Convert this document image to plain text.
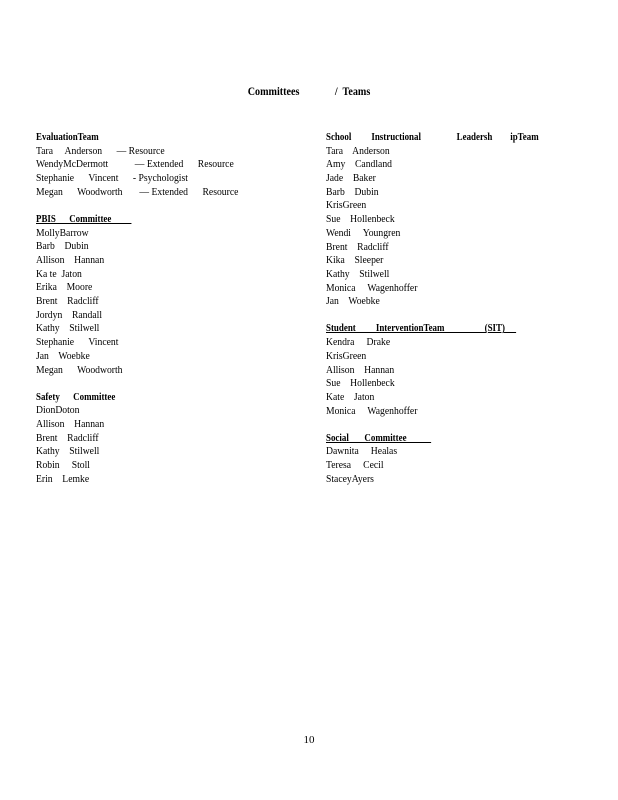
Committees              /  Teams
EvaluationTeam
Tara     Anderson      — Resource
WendyMcDermott           — Extended      Resource
Stephanie      Vincent      - Psychologist
Megan      Woodworth       — Extended      Resource
PBIS      Committee
MollyBarrow
Barb    Dubin
Allison    Hannan
Ka te  Jaton
Erika    Moore
Brent    Radcliff
Jordyn    Randall
Kathy    Stilwell
Stephanie      Vincent
Jan    Woebke
Megan      Woodworth
Safety      Committee
DionDoton
Allison    Hannan
Brent    Radcliff
Kathy    Stilwell
Robin     Stoll
Erin    Lemke
School         Instructional                Leadersh        ipTeam
Tara    Anderson
Amy    Candland
Jade    Baker
Barb    Dubin
KrisGreen
Sue    Hollenbeck
Wendi     Youngren
Brent    Radcliff
Kika    Sleeper
Kathy    Stilwell
Monica     Wagenhoffer
Jan    Woebke
Student         InterventionTeam                  (SIT)
Kendra     Drake
KrisGreen
Allison    Hannan
Sue    Hollenbeck
Kate    Jaton
Monica     Wagenhoffer
Social       Committee
Dawnita     Healas
Teresa     Cecil
StaceyAyers
10
